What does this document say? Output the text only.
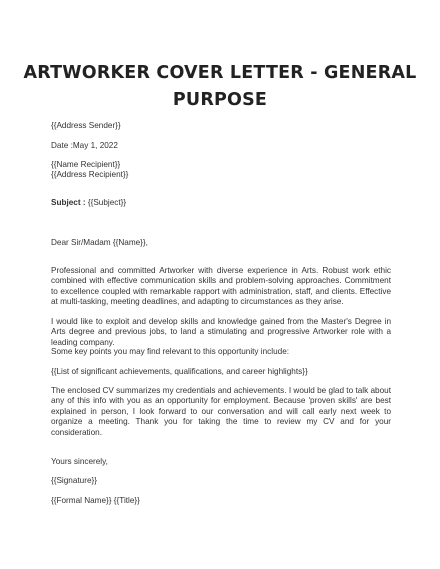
ARTWORKER COVER LETTER - GENERAL
PURPOSE
{{Address Sender}}
Date :May 1, 2022
{{Name Recipient}}
{{Address Recipient}}
Subject : {{Subject}}
Dear Sir/Madam {{Name}},
Professional and committed Artworker with diverse experience in Arts. Robust work ethic combined with effective communication skills and problem-solving approaches. Commitment to excellence coupled with remarkable rapport with administration, staff, and clients. Effective at multi-tasking, meeting deadlines, and adapting to circumstances as they arise.
I would like to exploit and develop skills and knowledge gained from the Master's Degree in Arts degree and previous jobs, to land a stimulating and progressive Artworker role with a leading company.
Some key points you may find relevant to this opportunity include:
{{List of significant achievements, qualifications, and career highlights}}
The enclosed CV summarizes my credentials and achievements. I would be glad to talk about any of this info with you as an opportunity for employment. Because 'proven skills' are best explained in person, I look forward to our conversation and will call early next week to organize a meeting. Thank you for taking the time to review my CV and for your consideration.
Yours sincerely,
{{Signature}}
{{Formal Name}} {{Title}}
